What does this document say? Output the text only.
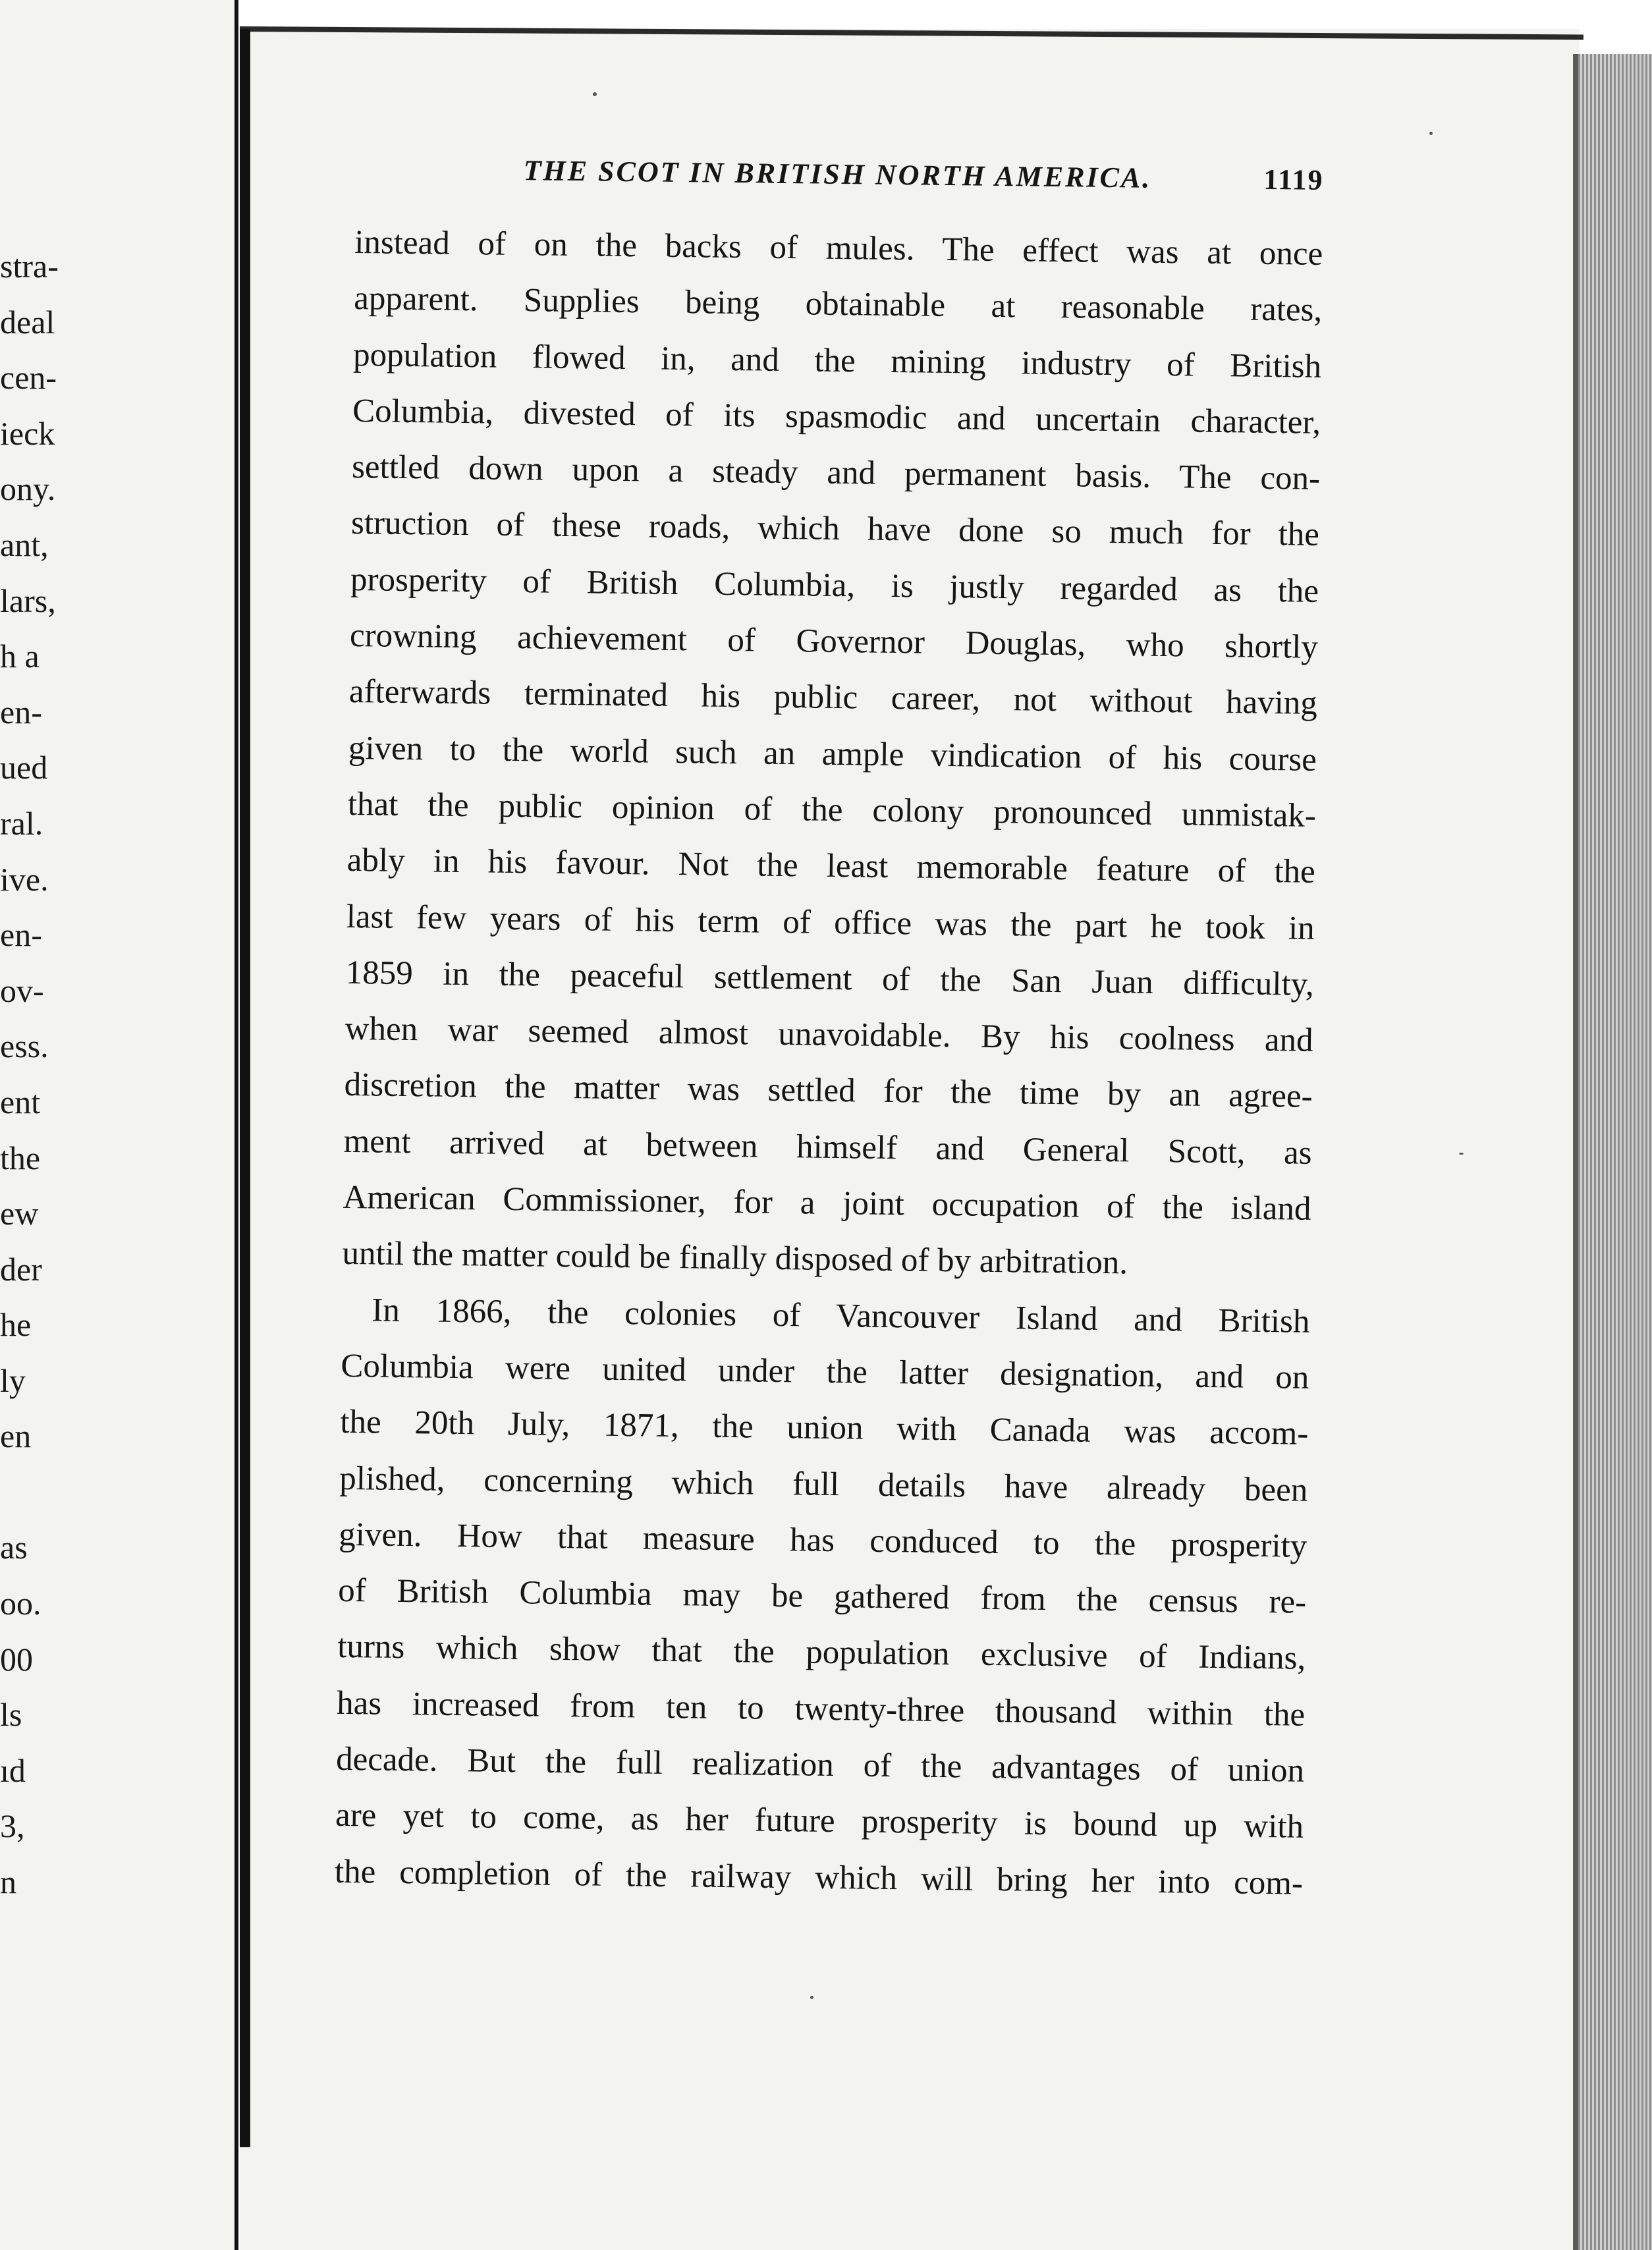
stra-
deal
cen-
ieck
ony.
ant,
lars,
h a
en-
ued
ral.
ive.
en-
ov-
ess.
ent
the
ew
der
he
ly
en
as
oo.
00
ls
ıd
3,
n
THE SCOT IN BRITISH NORTH AMERICA.	1119
instead of on the backs of mules. The effect was at once
apparent. Supplies being obtainable at reasonable rates,
population flowed in, and the mining industry of British
Columbia, divested of its spasmodic and uncertain character,
settled down upon a steady and permanent basis. The con-
struction of these roads, which have done so much for the
prosperity of British Columbia, is justly regarded as the
crowning achievement of Governor Douglas, who shortly
afterwards terminated his public career, not without having
given to the world such an ample vindication of his course
that the public opinion of the colony pronounced unmistak-
ably in his favour. Not the least memorable feature of the
last few years of his term of office was the part he took in
1859 in the peaceful settlement of the San Juan difficulty,
when war seemed almost unavoidable. By his coolness and
discretion the matter was settled for the time by an agree-
ment arrived at between himself and General Scott, as
American Commissioner, for a joint occupation of the island
until the matter could be finally disposed of by arbitration.
In 1866, the colonies of Vancouver Island and British
Columbia were united under the latter designation, and on
the 20th July, 1871, the union with Canada was accom-
plished, concerning which full details have already been
given. How that measure has conduced to the prosperity
of British Columbia may be gathered from the census re-
turns which show that the population exclusive of Indians,
has increased from ten to twenty-three thousand within the
decade. But the full realization of the advantages of union
are yet to come, as her future prosperity is bound up with
the completion of the railway which will bring her into com-
